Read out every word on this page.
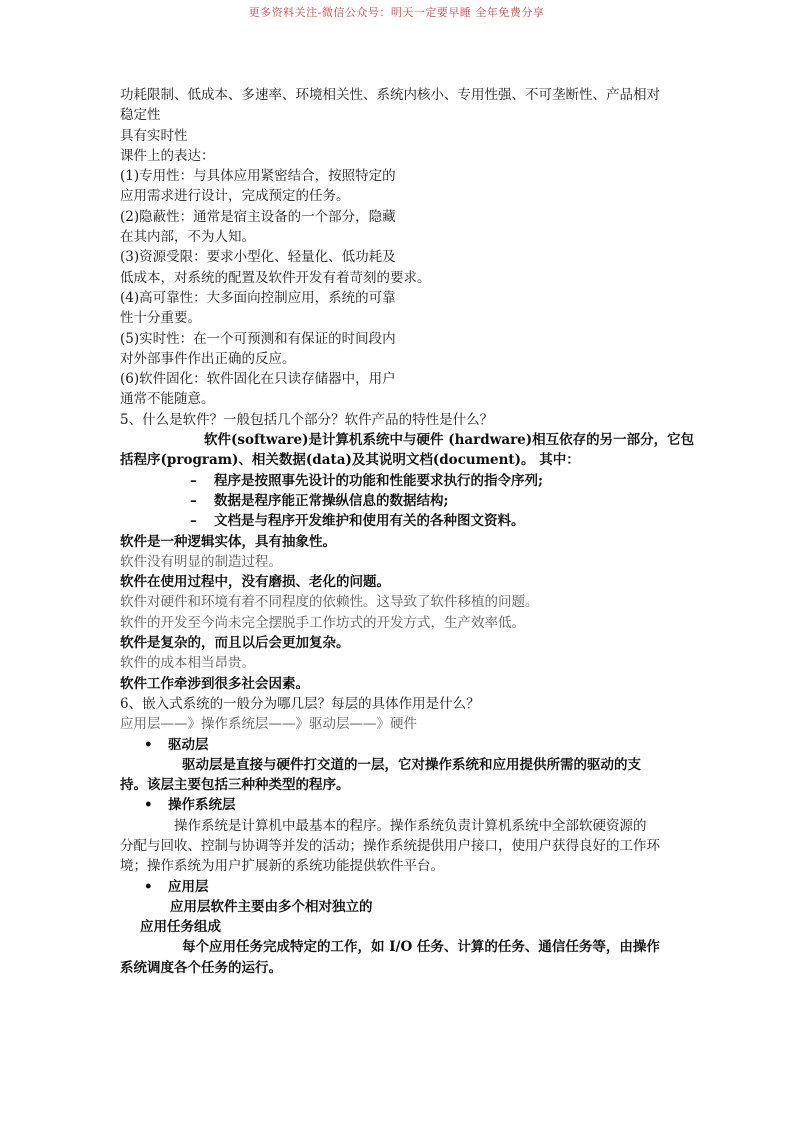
更多资料关注-微信公众号：明天一定要早睡 全年免费分享
功耗限制、低成本、多速率、环境相关性、系统内核小、专用性强、不可垄断性、产品相对
稳定性
具有实时性
课件上的表达：
(1)专用性：与具体应用紧密结合，按照特定的
应用需求进行设计，完成预定的任务。
(2)隐蔽性：通常是宿主设备的一个部分，隐藏
在其内部，不为人知。
(3)资源受限：要求小型化、轻量化、低功耗及
低成本，对系统的配置及软件开发有着苛刻的要求。
(4)高可靠性：大多面向控制应用，系统的可靠
性十分重要。
(5)实时性：在一个可预测和有保证的时间段内
对外部事件作出正确的反应。
(6)软件固化：软件固化在只读存储器中，用户
通常不能随意。
5、什么是软件？一般包括几个部分？软件产品的特性是什么？
软件(software)是计算机系统中与硬件 (hardware)相互依存的另一部分，它包
括程序(program)、相关数据(data)及其说明文档(document)。 其中：
– 程序是按照事先设计的功能和性能要求执行的指令序列;
– 数据是程序能正常操纵信息的数据结构;
– 文档是与程序开发维护和使用有关的各种图文资料。
软件是一种逻辑实体，具有抽象性。
软件没有明显的制造过程。
软件在使用过程中，没有磨损、老化的问题。
软件对硬件和环境有着不同程度的依赖性。这导致了软件移植的问题。
软件的开发至今尚未完全摆脱手工作坊式的开发方式，生产效率低。
软件是复杂的，而且以后会更加复杂。
软件的成本相当昂贵。
软件工作牵涉到很多社会因素。
6、嵌入式系统的一般分为哪几层？每层的具体作用是什么？
应用层——》操作系统层——》驱动层——》硬件
• 驱动层
驱动层是直接与硬件打交道的一层，它对操作系统和应用提供所需的驱动的支
持。该层主要包括三种种类型的程序。
• 操作系统层
操作系统是计算机中最基本的程序。操作系统负责计算机系统中全部软硬资源的
分配与回收、控制与协调等并发的活动；操作系统提供用户接口，使用户获得良好的工作环
境；操作系统为用户扩展新的系统功能提供软件平台。
• 应用层
应用层软件主要由多个相对独立的
应用任务组成
每个应用任务完成特定的工作，如 I/O 任务、计算的任务、通信任务等，由操作
系统调度各个任务的运行。
